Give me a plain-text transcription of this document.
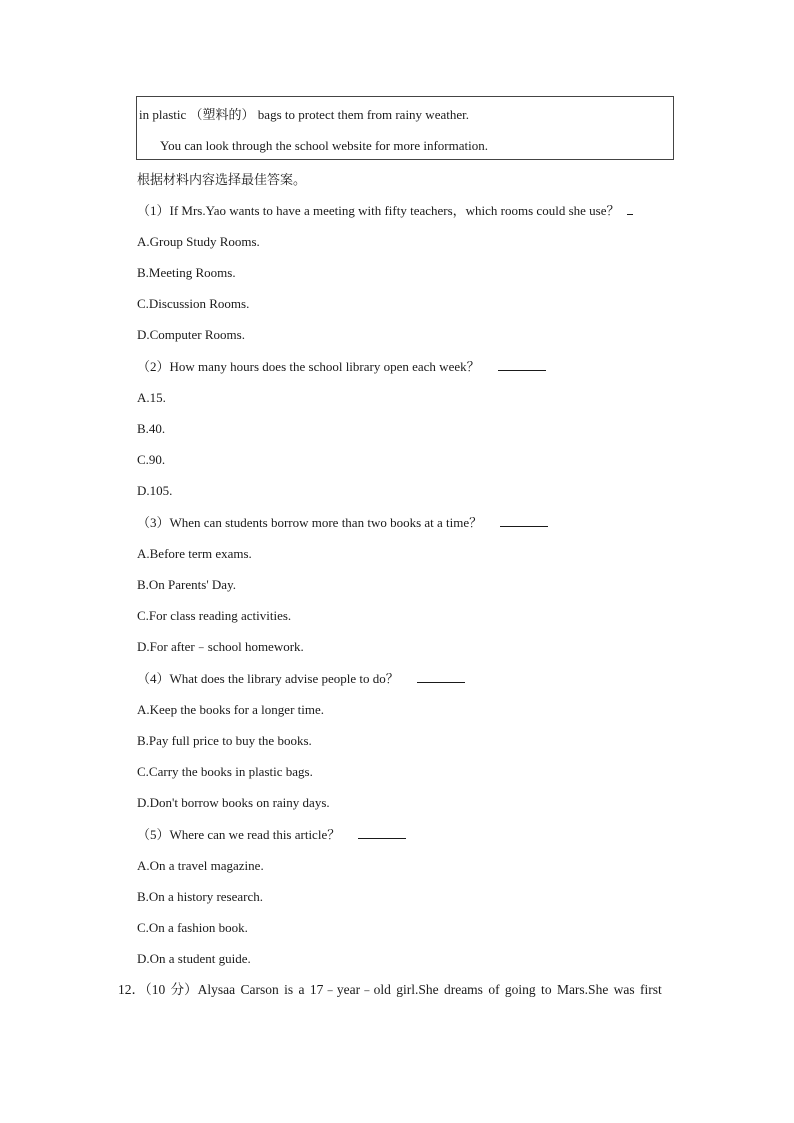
in plastic （塑料的） bags to protect them from rainy weather.
You can look through the school website for more information.
根据材料内容选择最佳答案。
（1）If Mrs.Yao wants to have a meeting with fifty teachers，which rooms could she use？
A.Group Study Rooms.
B.Meeting Rooms.
C.Discussion Rooms.
D.Computer Rooms.
（2）How many hours does the school library open each week？
A.15.
B.40.
C.90.
D.105.
（3）When can students borrow more than two books at a time？
A.Before term exams.
B.On Parents' Day.
C.For class reading activities.
D.For after﹣school homework.
（4）What does the library advise people to do？
A.Keep the books for a longer time.
B.Pay full price to buy the books.
C.Carry the books in plastic bags.
D.Don't borrow books on rainy days.
（5）Where can we read this article？
A.On a travel magazine.
B.On a history research.
C.On a fashion book.
D.On a student guide.
12．（10 分）Alysaa Carson is a 17﹣year﹣old girl.She dreams of going to Mars.She was first
